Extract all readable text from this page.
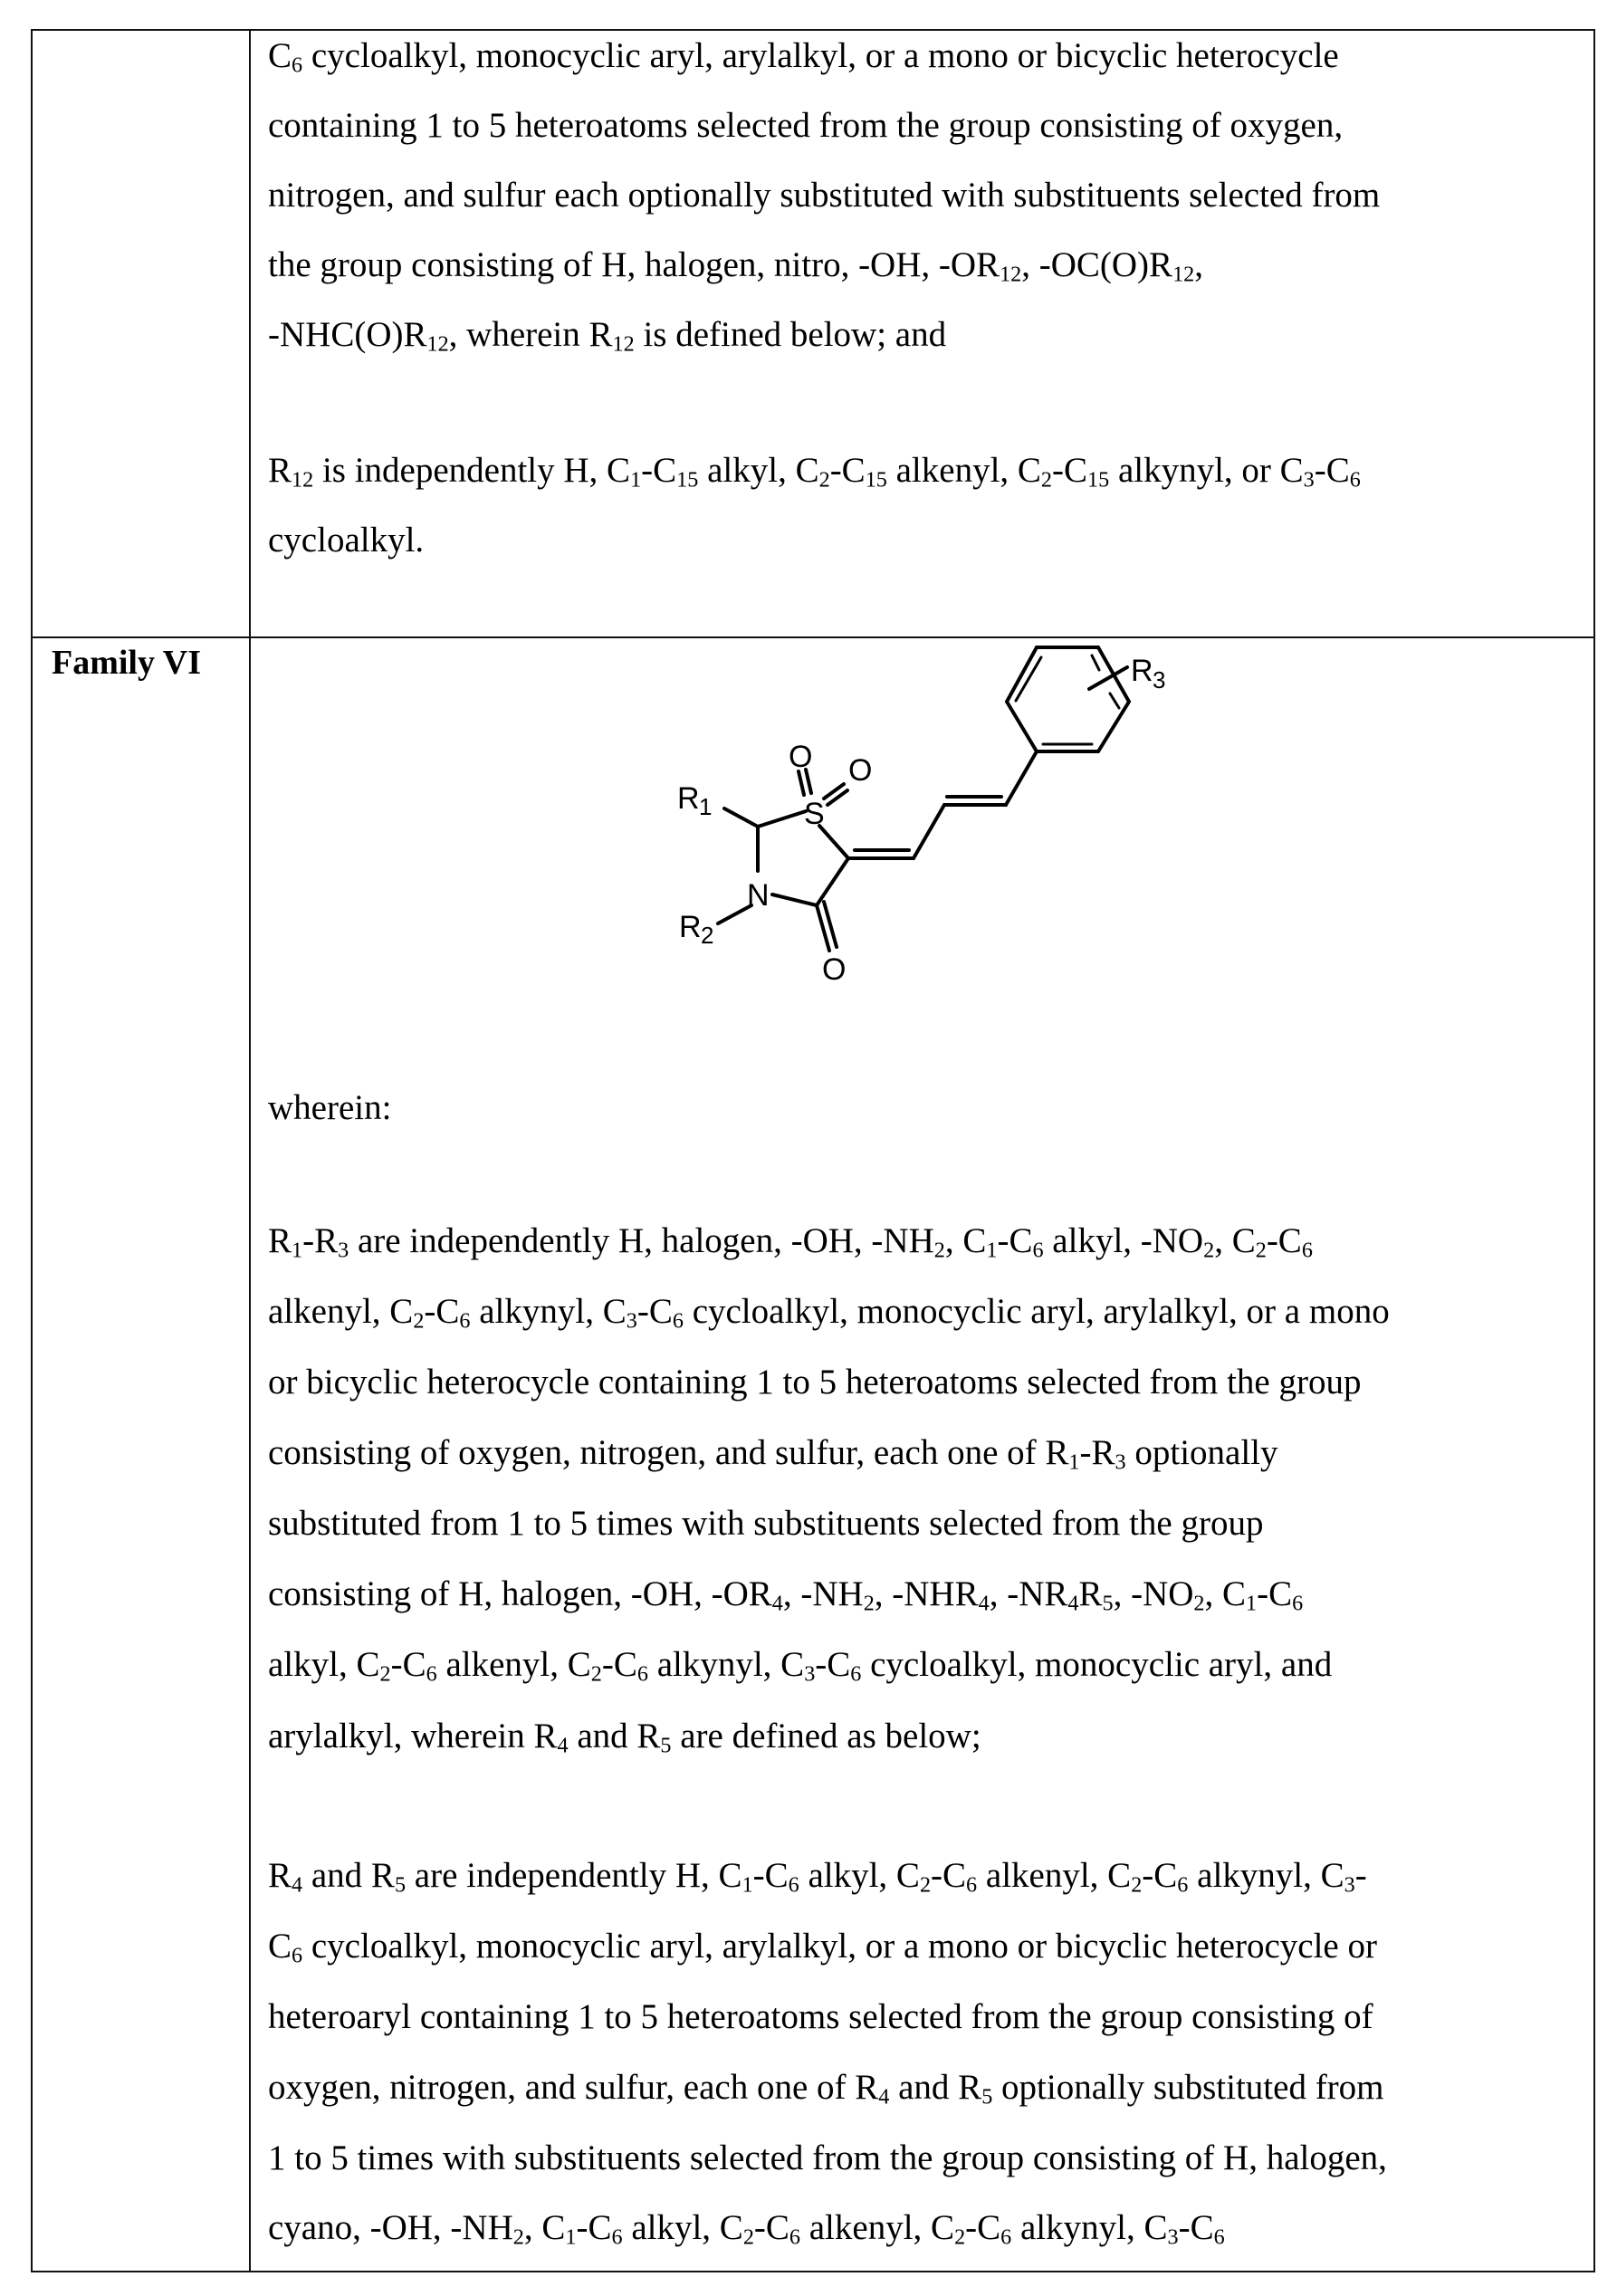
$C_6$ cycloalkyl, monocyclic aryl, arylalkyl, or a mono or bicyclic heterocycle
containing 1 to 5 heteroatoms selected from the group consisting of oxygen,
nitrogen, and sulfur each optionally substituted with substituents selected from
the group consisting of H, halogen, nitro, -OH, $-OR_{12}$, $-OC(O)R_{12}$,
$-NHC(O)R_{12}$, wherein $R_{12}$ is defined below; and
$R_{12}$ is independently H, $C_1-C_{15}$ alkyl, $C_2-C_{15}$ alkenyl, $C_2-C_{15}$ alkynyl, or $C_3-C_6$
cycloalkyl.
Family VI
R 1	S
O O
N
R 2
O
R 3
wherein:
$R_1-R_3$ are independently H, halogen, -OH, $-NH_2$, $C_1-C_6$ alkyl, $-NO_2$, $C_2-C_6$
alkenyl, $C_2-C_6$ alkynyl, $C_3-C_6$ cycloalkyl, monocyclic aryl, arylalkyl, or a mono
or bicyclic heterocycle containing 1 to 5 heteroatoms selected from the group
consisting of oxygen, nitrogen, and sulfur, each one of $R_1-R_3$ optionally
substituted from 1 to 5 times with substituents selected from the group
consisting of H, halogen, -OH, $-OR_4$, $-NH_2$, $-NHR_4$, $-NR_4R_5$, $-NO_2$, $C_1-C_6$
alkyl, $C_2-C_6$ alkenyl, $C_2-C_6$ alkynyl, $C_3-C_6$ cycloalkyl, monocyclic aryl, and
arylalkyl, wherein $R_4$ and $R_5$ are defined as below;
$R_4$ and $R_5$ are independently H, $C_1-C_6$ alkyl, $C_2-C_6$ alkenyl, $C_2-C_6$ alkynyl, $C_3-$
$C_6$ cycloalkyl, monocyclic aryl, arylalkyl, or a mono or bicyclic heterocycle or
heteroaryl containing 1 to 5 heteroatoms selected from the group consisting of
oxygen, nitrogen, and sulfur, each one of $R_4$ and $R_5$ optionally substituted from
1 to 5 times with substituents selected from the group consisting of H, halogen,
cyano, -OH, $-NH_2$, $C_1-C_6$ alkyl, $C_2-C_6$ alkenyl, $C_2-C_6$ alkynyl, $C_3-C_6$
